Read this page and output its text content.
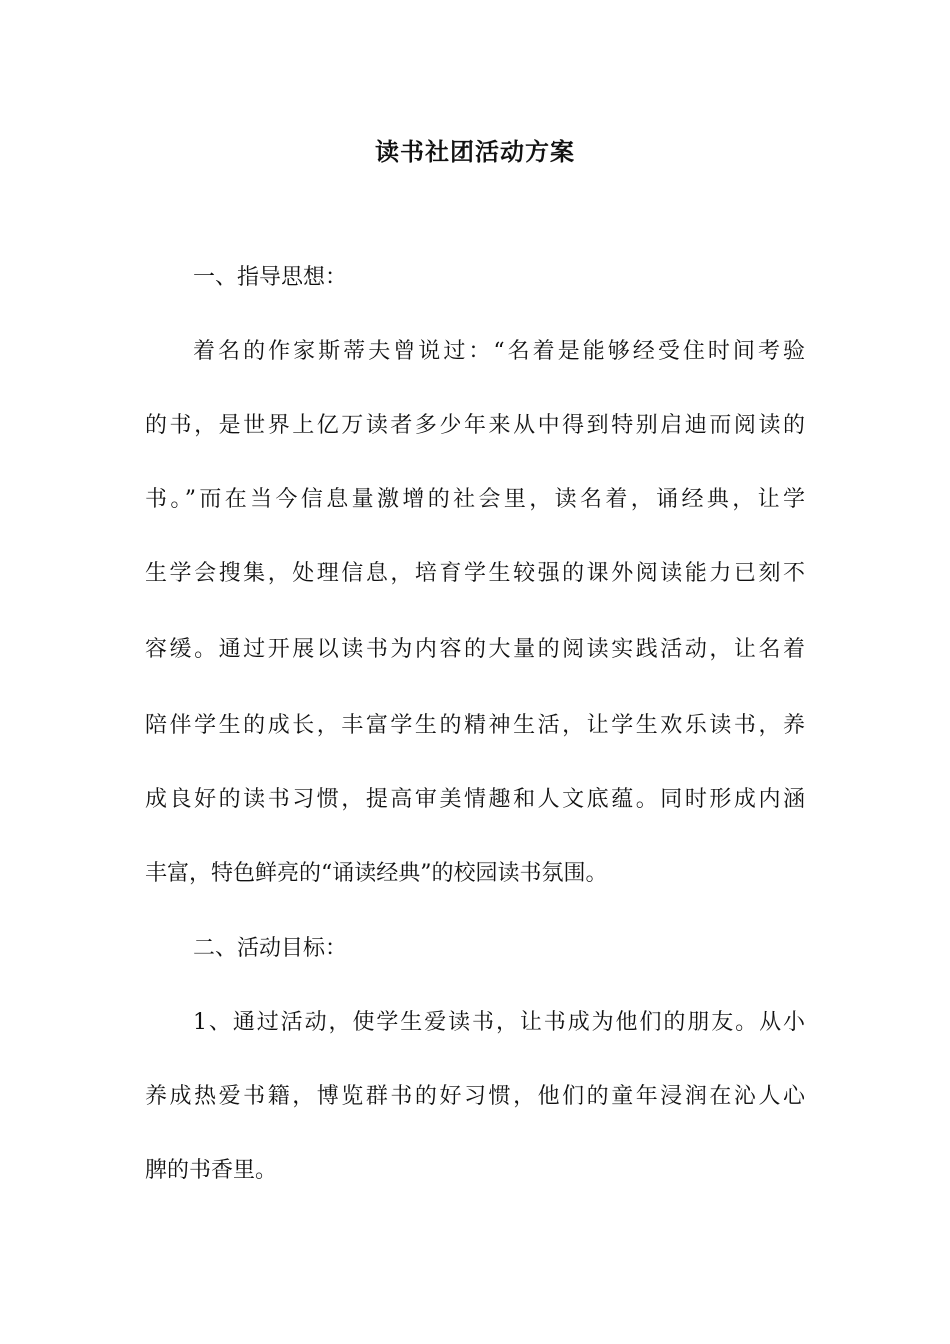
读书社团活动方案
一、指导思想：
着名的作家斯蒂夫曾说过：“名着是能够经受住时间考验
的书，是世界上亿万读者多少年来从中得到特别启迪而阅读的
书。”而在当今信息量激增的社会里，读名着，诵经典，让学
生学会搜集，处理信息，培育学生较强的课外阅读能力已刻不
容缓。通过开展以读书为内容的大量的阅读实践活动，让名着
陪伴学生的成长，丰富学生的精神生活，让学生欢乐读书，养
成良好的读书习惯，提高审美情趣和人文底蕴。同时形成内涵
丰富，特色鲜亮的“诵读经典”的校园读书氛围。
二、活动目标：
1、通过活动，使学生爱读书，让书成为他们的朋友。从小
养成热爱书籍，博览群书的好习惯，他们的童年浸润在沁人心
脾的书香里。
